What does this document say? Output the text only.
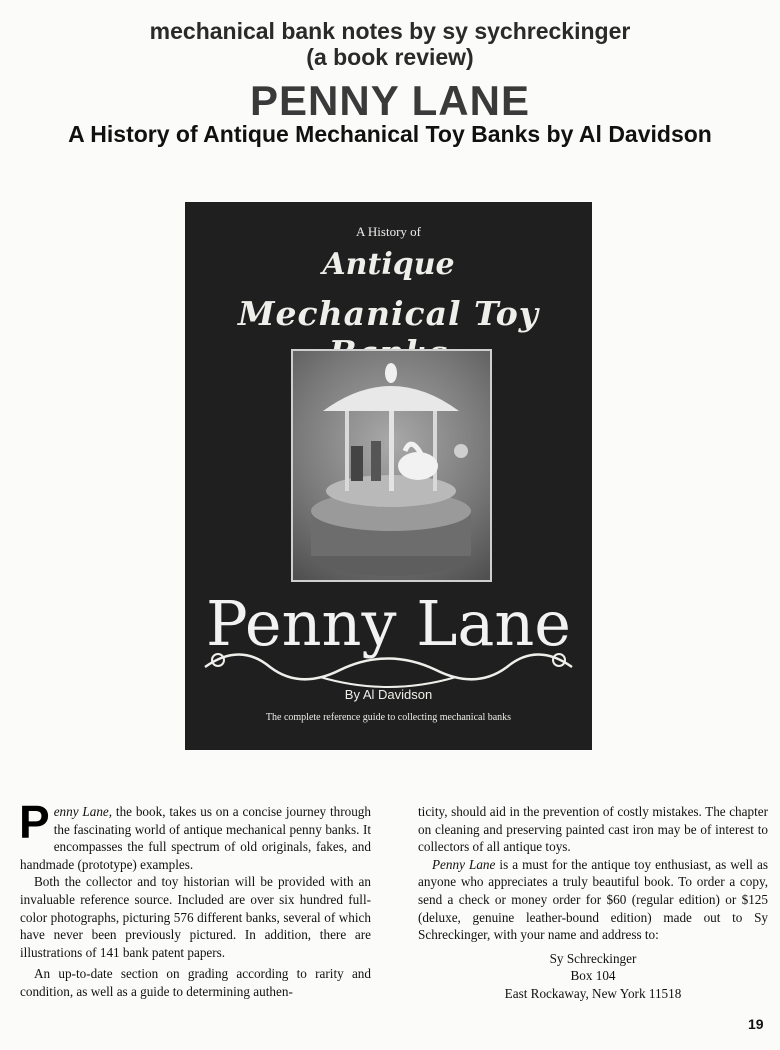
mechanical bank notes by sy sychreckinger
(a book review)
PENNY LANE
A History of Antique Mechanical Toy Banks by Al Davidson
A History of
Antique
Mechanical Toy
Penny Lane
By Al Davidson
The complete reference guide to collecting mechanical banks

Penny Lane, the book, takes us on a concise journey through the fascinating world of antique mechanical penny banks. It encompasses the full spectrum of old originals, fakes, and handmade (prototype) examples.

Both the collector and toy historian will be provided with an invaluable reference source. Included are over six hundred full-color photographs, picturing 576 different banks, several of which have never been previously pictured. In addition, there are illustrations of 141 bank patent papers.

An up-to-date section on grading according to rarity and condition, as well as a guide to determining authen-

ticity, should aid in the prevention of costly mistakes. The chapter on cleaning and preserving painted cast iron may be of interest to collectors of all antique toys.

Penny Lane is a must for the antique toy enthusiast, as well as anyone who appreciates a truly beautiful book. To order a copy, send a check or money order for $60 (regular edition) or $125 (deluxe, genuine leather-bound edition) made out to Sy Schreckinger, with your name and address to:

Sy Schreckinger

Box 104

East Rockaway, New York 11518

19
